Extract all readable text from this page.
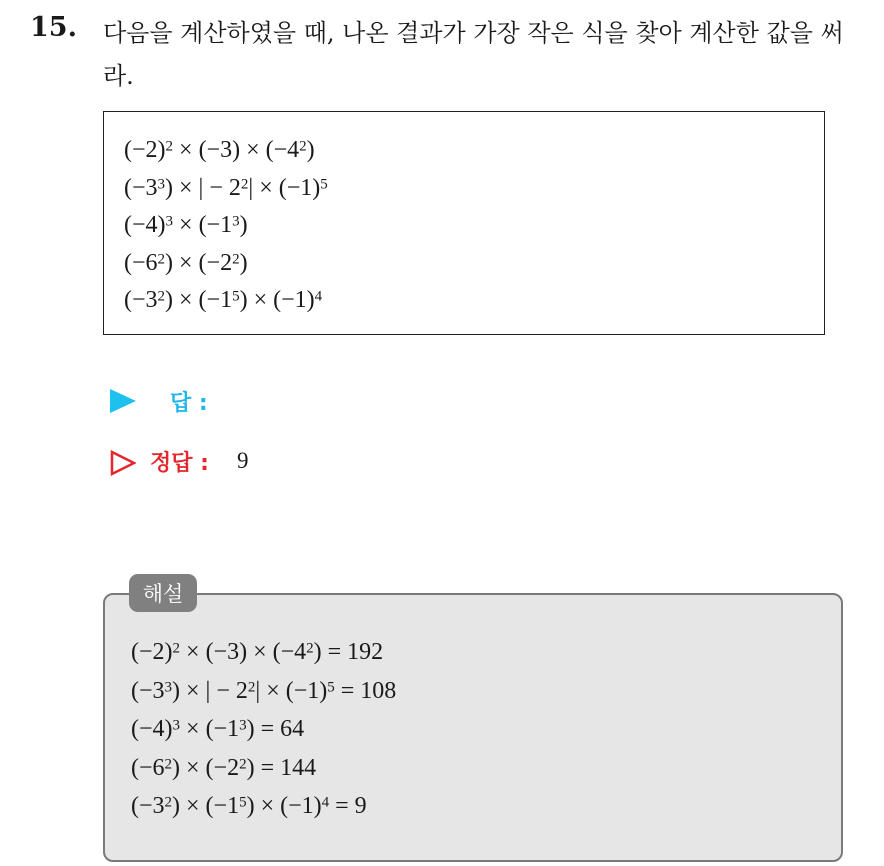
15. 다음을 계산하였을 때, 나온 결과가 가장 작은 식을 찾아 계산한 값을 써라.
$(-2)^2 \times (-3) \times (-4^2)$
$(-3^3)$ × | − $2^2| \times (-1)^5$
$(-4)^3 \times (-1^3)$
$(-6^2) \times (-2^2)$
$(-3^2) \times (-1^5) \times (-1)^4$
답 :
정답 : 9
$(-2)^2 \times (-3) \times (-4^2) = 192$
$(-3^3)$ × | − $2^2| \times (-1)^5 = 108$
$(-4)^3 \times (-1^3) = 64$
$(-6^2) \times (-2^2) = 144$
$(-3^2) \times (-1^5) \times (-1)^4 = 9$
해설
